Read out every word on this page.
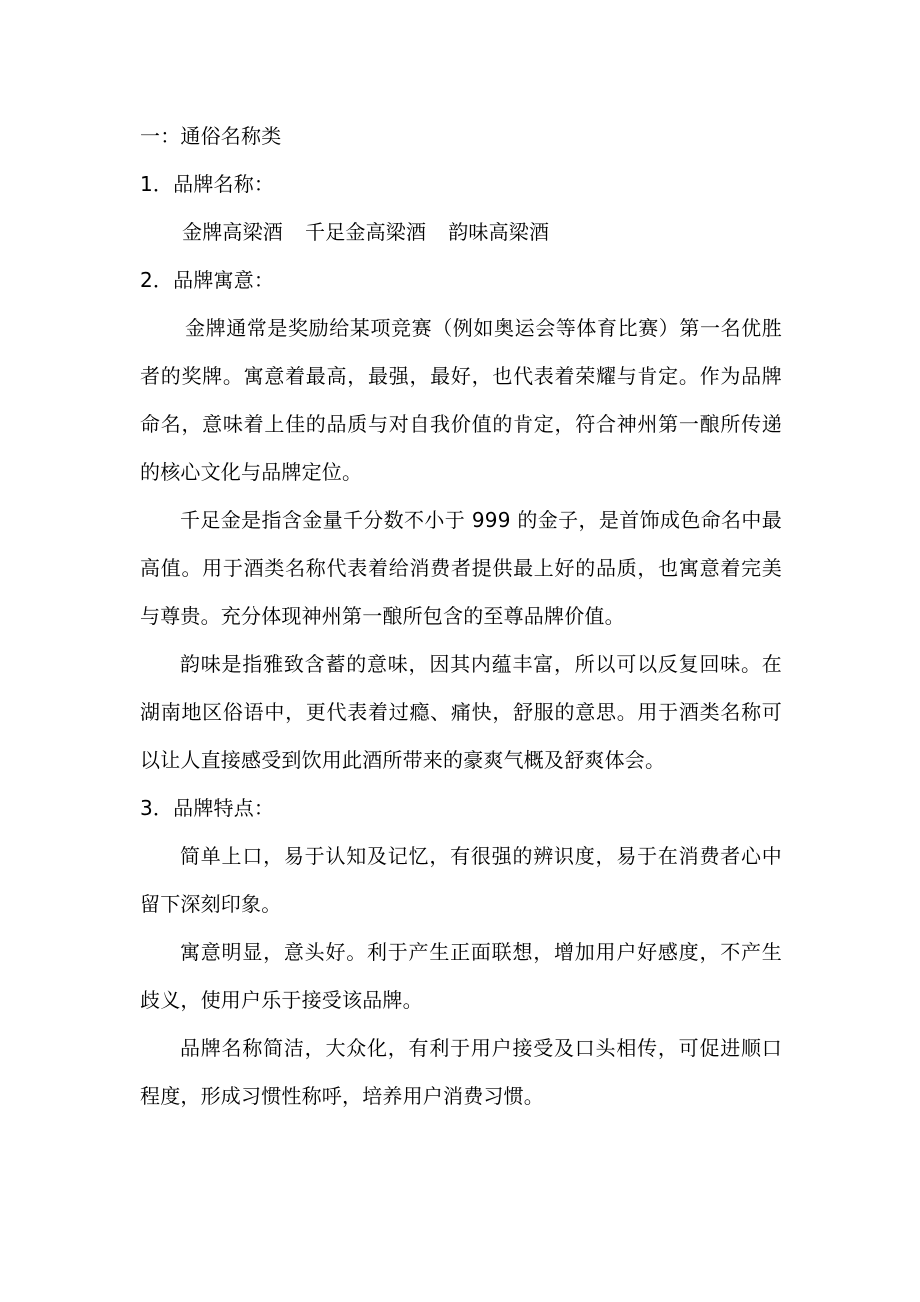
一：通俗名称类
1．品牌名称：

金牌高梁酒 千足金高梁酒 韵味高梁酒

2．品牌寓意：

金牌通常是奖励给某项竞赛（例如奥运会等体育比赛）第一名优胜者的奖牌。寓意着最高，最强，最好，也代表着荣耀与肯定。作为品牌命名，意味着上佳的品质与对自我价值的肯定，符合神州第一酿所传递的核心文化与品牌定位。

千足金是指含金量千分数不小于 999 的金子，是首饰成色命名中最高值。用于酒类名称代表着给消费者提供最上好的品质，也寓意着完美与尊贵。充分体现神州第一酿所包含的至尊品牌价值。

韵味是指雅致含蓄的意味，因其内蕴丰富，所以可以反复回味。在湖南地区俗语中，更代表着过瘾、痛快，舒服的意思。用于酒类名称可以让人直接感受到饮用此酒所带来的豪爽气概及舒爽体会。

3．品牌特点：

简单上口，易于认知及记忆，有很强的辨识度，易于在消费者心中留下深刻印象。

寓意明显，意头好。利于产生正面联想，增加用户好感度，不产生歧义，使用户乐于接受该品牌。

品牌名称简洁，大众化，有利于用户接受及口头相传，可促进顺口程度，形成习惯性称呼，培养用户消费习惯。
